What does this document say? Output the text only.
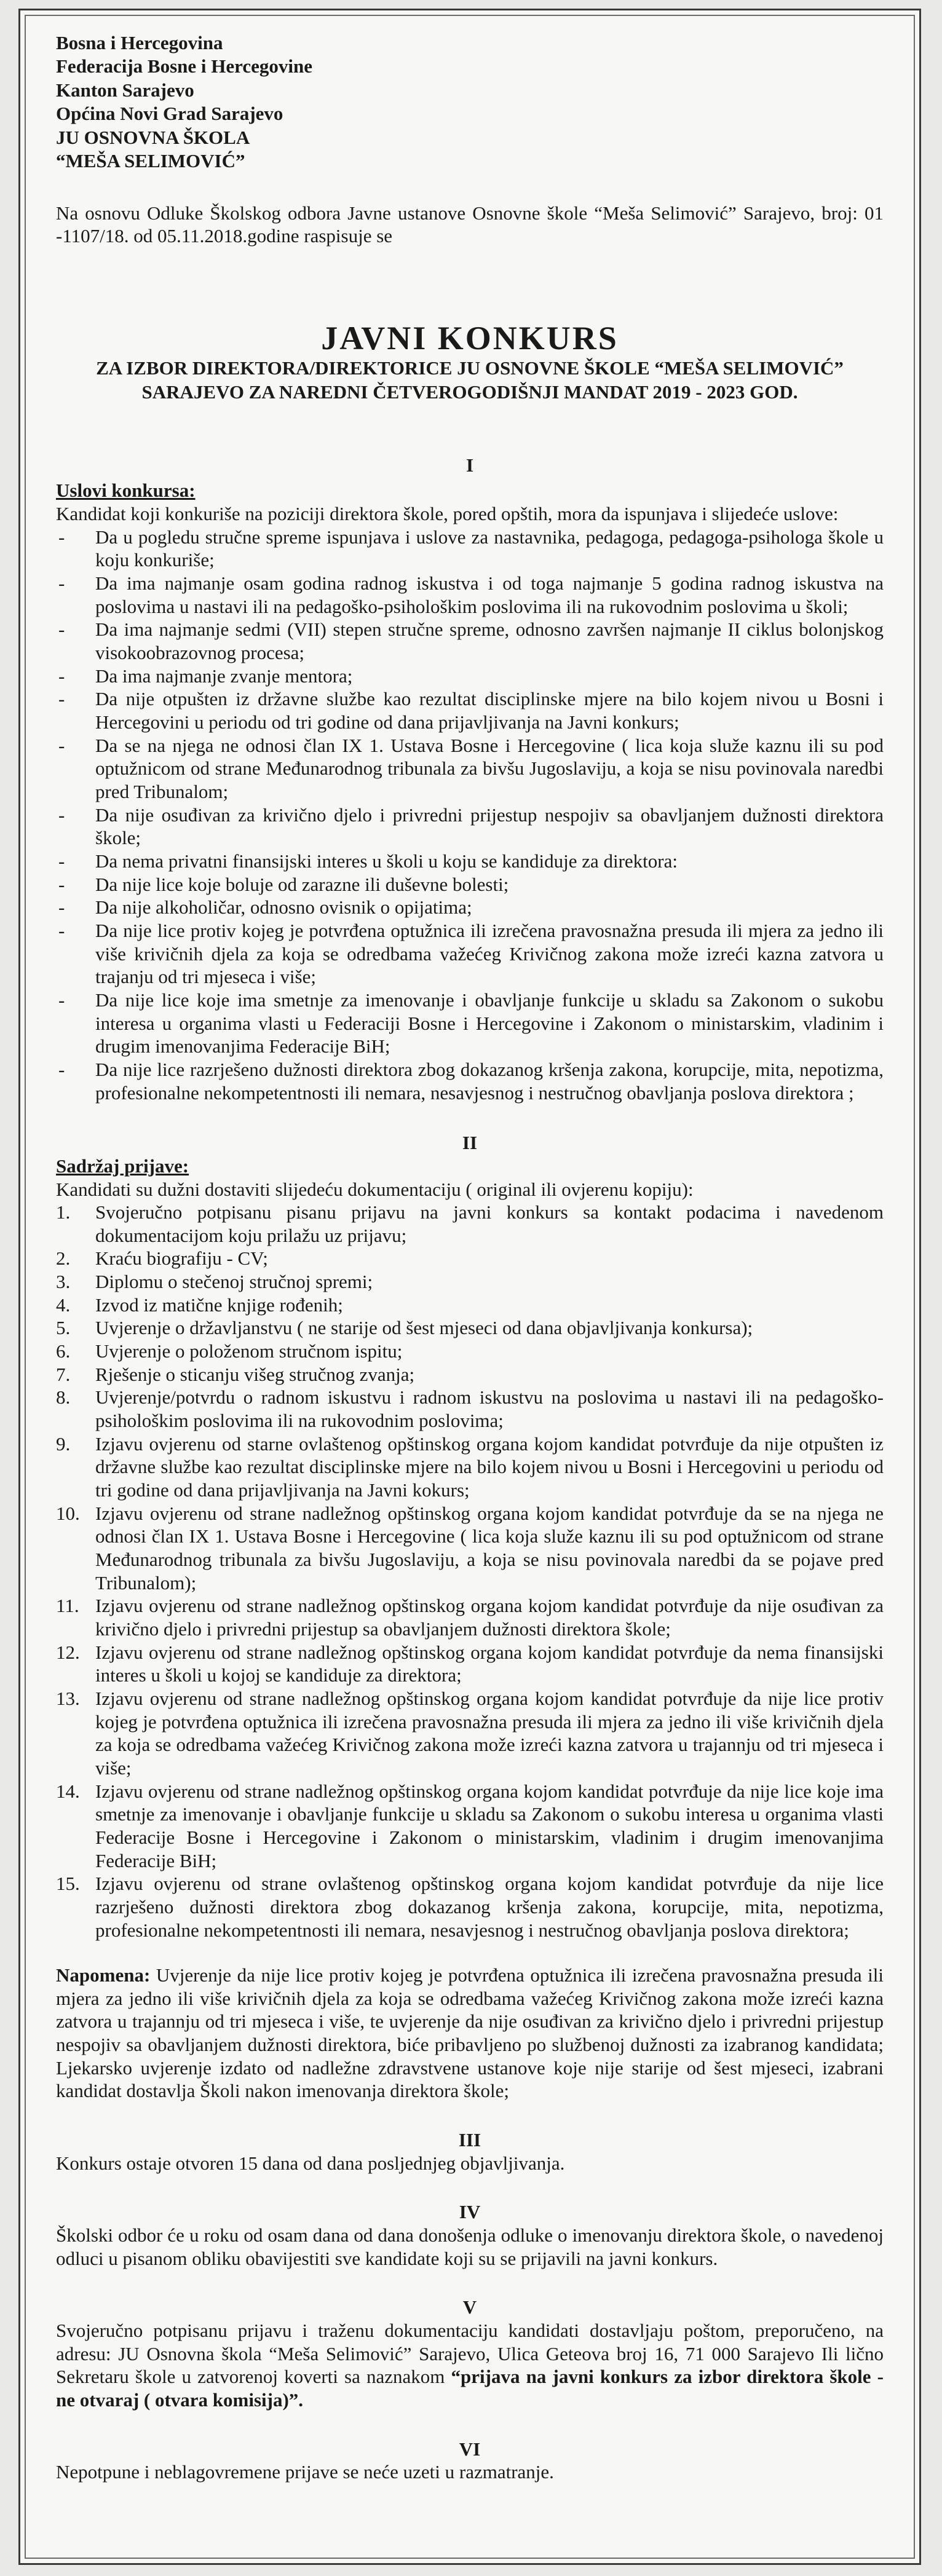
Bosna i Hercegovina
Federacija Bosne i Hercegovine
Kanton Sarajevo
Općina Novi Grad Sarajevo
JU OSNOVNA ŠKOLA
“MEŠA SELIMOVIĆ”
Na osnovu Odluke Školskog odbora Javne ustanove Osnovne škole “Meša Selimović” Sarajevo, broj: 01 -1107/18. od 05.11.2018.godine raspisuje se
JAVNI KONKURS
ZA IZBOR DIREKTORA/DIREKTORICE JU OSNOVNE ŠKOLE “MEŠA SELIMOVIĆ”
SARAJEVO ZA NAREDNI ČETVEROGODIŠNJI MANDAT 2019 - 2023 GOD.
I
Uslovi konkursa:
Kandidat koji konkuriše na poziciji direktora škole, pored opštih, mora da ispunjava i slijedeće uslove:
- Da u pogledu stručne spreme ispunjava i uslove za nastavnika, pedagoga, pedagoga-psihologa škole u koju konkuriše;
- Da ima najmanje osam godina radnog iskustva i od toga najmanje 5 godina radnog iskustva na poslovima u nastavi ili na pedagoško-psihološkim poslovima ili na rukovodnim poslovima u školi;
- Da ima najmanje sedmi (VII) stepen stručne spreme, odnosno završen najmanje II ciklus bolonjskog visokoobrazovnog procesa;
- Da ima najmanje zvanje mentora;
- Da nije otpušten iz državne službe kao rezultat disciplinske mjere na bilo kojem nivou u Bosni i Hercegovini u periodu od tri godine od dana prijavljivanja na Javni konkurs;
- Da se na njega ne odnosi član IX 1. Ustava Bosne i Hercegovine ( lica koja služe kaznu ili su pod optužnicom od strane Međunarodnog tribunala za bivšu Jugoslaviju, a koja se nisu povinovala naredbi pred Tribunalom;
- Da nije osuđivan za krivično djelo i privredni prijestup nespojiv sa obavljanjem dužnosti direktora škole;
- Da nema privatni finansijski interes u školi u koju se kandiduje za direktora:
- Da nije lice koje boluje od zarazne ili duševne bolesti;
- Da nije alkoholičar, odnosno ovisnik o opijatima;
- Da nije lice protiv kojeg je potvrđena optužnica ili izrečena pravosnažna presuda ili mjera za jedno ili više krivičnih djela za koja se odredbama važećeg Krivičnog zakona može izreći kazna zatvora u trajanju od tri mjeseca i više;
- Da nije lice koje ima smetnje za imenovanje i obavljanje funkcije u skladu sa Zakonom o sukobu interesa u organima vlasti u Federaciji Bosne i Hercegovine i Zakonom o ministarskim, vladinim i drugim imenovanjima Federacije BiH;
- Da nije lice razrješeno dužnosti direktora zbog dokazanog kršenja zakona, korupcije, mita, nepotizma, profesionalne nekompetentnosti ili nemara, nesavjesnog i nestručnog obavljanja poslova direktora ;
II
Sadržaj prijave:
Kandidati su dužni dostaviti slijedeću dokumentaciju ( original ili ovjerenu kopiju):
1. Svojeručno potpisanu pisanu prijavu na javni konkurs sa kontakt podacima i navedenom dokumentacijom koju prilažu uz prijavu;
2. Kraću biografiju - CV;
3. Diplomu o stečenoj stručnoj spremi;
4. Izvod iz matične knjige rođenih;
5. Uvjerenje o državljanstvu ( ne starije od šest mjeseci od dana objavljivanja konkursa);
6. Uvjerenje o položenom stručnom ispitu;
7. Rješenje o sticanju višeg stručnog zvanja;
8. Uvjerenje/potvrdu o radnom iskustvu i radnom iskustvu na poslovima u nastavi ili na pedagoško-psihološkim poslovima ili na rukovodnim poslovima;
9. Izjavu ovjerenu od starne ovlaštenog opštinskog organa kojom kandidat potvrđuje da nije otpušten iz državne službe kao rezultat disciplinske mjere na bilo kojem nivou u Bosni i Hercegovini u periodu od tri godine od dana prijavljivanja na Javni kokurs;
10. Izjavu ovjerenu od strane nadležnog opštinskog organa kojom kandidat potvrđuje da se na njega ne odnosi član IX 1. Ustava Bosne i Hercegovine ( lica koja služe kaznu ili su pod optužnicom od strane Međunarodnog tribunala za bivšu Jugoslaviju, a koja se nisu povinovala naredbi da se pojave pred Tribunalom);
11. Izjavu ovjerenu od strane nadležnog opštinskog organa kojom kandidat potvrđuje da nije osuđivan za krivično djelo i privredni prijestup sa obavljanjem dužnosti direktora škole;
12. Izjavu ovjerenu od strane nadležnog opštinskog organa kojom kandidat potvrđuje da nema finansijski interes u školi u kojoj se kandiduje za direktora;
13. Izjavu ovjerenu od strane nadležnog opštinskog organa kojom kandidat potvrđuje da nije lice protiv kojeg je potvrđena optužnica ili izrečena pravosnažna presuda ili mjera za jedno ili više krivičnih djela za koja se odredbama važećeg Krivičnog zakona može izreći kazna zatvora u trajannju od tri mjeseca i više;
14. Izjavu ovjerenu od strane nadležnog opštinskog organa kojom kandidat potvrđuje da nije lice koje ima smetnje za imenovanje i obavljanje funkcije u skladu sa Zakonom o sukobu interesa u organima vlasti Federacije Bosne i Hercegovine i Zakonom o ministarskim, vladinim i drugim imenovanjima Federacije BiH;
15. Izjavu ovjerenu od strane ovlaštenog opštinskog organa kojom kandidat potvrđuje da nije lice razrješeno dužnosti direktora zbog dokazanog kršenja zakona, korupcije, mita, nepotizma, profesionalne nekompetentnosti ili nemara, nesavjesnog i nestručnog obavljanja poslova direktora;
Napomena: Uvjerenje da nije lice protiv kojeg je potvrđena optužnica ili izrečena pravosnažna presuda ili mjera za jedno ili više krivičnih djela za koja se odredbama važećeg Krivičnog zakona može izreći kazna zatvora u trajannju od tri mjeseca i više, te uvjerenje da nije osuđivan za krivično djelo i privredni prijestup nespojiv sa obavljanjem dužnosti direktora, biće pribavljeno po službenoj dužnosti za izabranog kandidata; Ljekarsko uvjerenje izdato od nadležne zdravstvene ustanove koje nije starije od šest mjeseci, izabrani kandidat dostavlja Školi nakon imenovanja direktora škole;
III
Konkurs ostaje otvoren 15 dana od dana posljednjeg objavljivanja.
IV
Školski odbor će u roku od osam dana od dana donošenja odluke o imenovanju direktora škole, o navedenoj odluci u pisanom obliku obavijestiti sve kandidate koji su se prijavili na javni konkurs.
V
Svojeručno potpisanu prijavu i traženu dokumentaciju kandidati dostavljaju poštom, preporučeno, na adresu: JU Osnovna škola “Meša Selimović” Sarajevo, Ulica Geteova broj 16, 71 000 Sarajevo Ili lično Sekretaru škole u zatvorenoj koverti sa naznakom “prijava na javni konkurs za izbor direktora škole - ne otvaraj ( otvara komisija)”.
VI
Nepotpune i neblagovremene prijave se neće uzeti u razmatranje.
